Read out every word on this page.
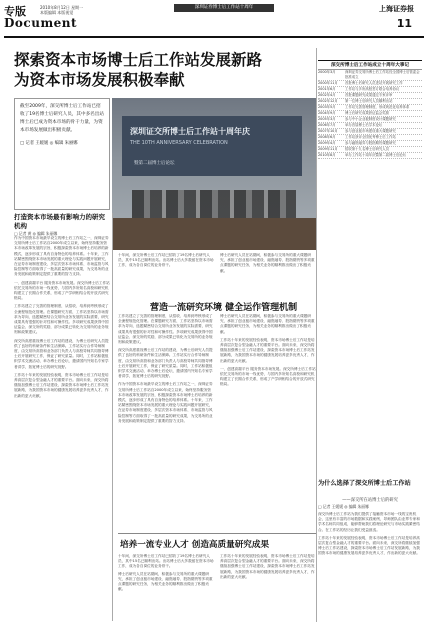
专版	2010年8月12日 星期一
本版编辑 本版视觉
深圳证券博士后工作站十周年	上海证券报
Document	11
探索资本市场博士后工作站发展新路
为资本市场发展积极奉献

截至2009年，深交所博士后工作站已招收了19名博士后研究人员，其中多名出站博士后已成为资本市场的骨干力量，为资本市场发展做出积极贡献。

□ 记者 王媛媛 ◎ 编辑 朱丽娜

深圳证交所博士后工作站十周年庆
THE 10TH ANNIVERSARY CELEBRATION
暨第二届博士后论坛
打造资本市场最有影响力的研究机构
□ 记者 黄 ◎ 编辑 朱丽娜

作为中国资本市场最早设立的博士后工作站之一，深圳证券交易所博士后工作站自2000年成立以来，始终坚持服务资本市场改革发展的宗旨，积极探索资本市场博士后培养的新模式，逐步形成了具有自身特色的培养体系。十年来，工作站紧密围绕资本市场发展的重大理论与实践问题开展研究，在证券市场制度建设、多层次资本市场体系、市场监管与风险控制等方面取得了一批高质量的研究成果，为交易所的业务发展和政策制定提供了重要的智力支持。

一、创建高端平台 服务资本市场发展。深交所博士后工作站依托交易所的市场一线优势，与国内多所知名高校和研究机构建立了长期合作关系，形成了产学研相结合的开放式研究格局。

工作站建立了完善的管理制度，从招收、培养到考核形成了全流程规范化管理。在课题研究方面，工作站坚持以市场需求为导向，选题紧密结合交易所业务发展的实际需要，研究成果具有很强的针对性和可操作性。多项研究成果获得中国证监会、深交所的奖励，部分成果已转化为交易所的业务规则和政策建议。

深交所高度重视博士后工作站的建设，为博士后研究人员提供了良好的科研条件和生活保障。工作站实行合作导师制度，由交易所高管和业务部门负责人与高校导师共同指导博士后开展研究工作，保证了研究质量。同时，工作站积极组织学术交流活动，举办博士后论坛，邀请国内外知名专家学者讲学，拓宽博士后的研究视野。

工作站十年来的发展经验表明，资本市场博士后工作站是培养高层次复合型金融人才的重要平台。面向未来，深交所将继续加强博士后工作站建设，探索资本市场博士后工作站发展新路，为我国资本市场的健康发展培养更多优秀人才，作出新的更大贡献。

十年间，深交所博士后工作站已招收了19名博士后研究人员，其中15名已顺利出站。出站博士后大多数留在资本市场工作，成为各自岗位的业务骨干。

博士后研究人员在站期间，积极参与交易所的重大课题研究，承担了创业板市场建设、融资融券、股指期货等多项重点课题的研究任务，为相关业务的顺利推出做出了积极贡献。

营造一流研究环境 健全运作管理机制

工作站建立了完善的管理制度，从招收、培养到考核形成了全流程规范化管理。在课题研究方面，工作站坚持以市场需求为导向，选题紧密结合交易所业务发展的实际需要，研究成果具有很强的针对性和可操作性。多项研究成果获得中国证监会、深交所的奖励，部分成果已转化为交易所的业务规则和政策建议。

深交所高度重视博士后工作站的建设，为博士后研究人员提供了良好的科研条件和生活保障。工作站实行合作导师制度，由交易所高管和业务部门负责人与高校导师共同指导博士后开展研究工作，保证了研究质量。同时，工作站积极组织学术交流活动，举办博士后论坛，邀请国内外知名专家学者讲学，拓宽博士后的研究视野。

作为中国资本市场最早设立的博士后工作站之一，深圳证券交易所博士后工作站自2000年成立以来，始终坚持服务资本市场改革发展的宗旨，积极探索资本市场博士后培养的新模式，逐步形成了具有自身特色的培养体系。十年来，工作站紧密围绕资本市场发展的重大理论与实践问题开展研究，在证券市场制度建设、多层次资本市场体系、市场监管与风险控制等方面取得了一批高质量的研究成果，为交易所的业务发展和政策制定提供了重要的智力支持。

博士后研究人员在站期间，积极参与交易所的重大课题研究，承担了创业板市场建设、融资融券、股指期货等多项重点课题的研究任务，为相关业务的顺利推出做出了积极贡献。

工作站十年来的发展经验表明，资本市场博士后工作站是培养高层次复合型金融人才的重要平台。面向未来，深交所将继续加强博士后工作站建设，探索资本市场博士后工作站发展新路，为我国资本市场的健康发展培养更多优秀人才，作出新的更大贡献。

一、创建高端平台 服务资本市场发展。深交所博士后工作站依托交易所的市场一线优势，与国内多所知名高校和研究机构建立了长期合作关系，形成了产学研相结合的开放式研究格局。

培养一流专业人才 创造高质量研究成果

十年间，深交所博士后工作站已招收了19名博士后研究人员，其中15名已顺利出站。出站博士后大多数留在资本市场工作，成为各自岗位的业务骨干。

博士后研究人员在站期间，积极参与交易所的重大课题研究，承担了创业板市场建设、融资融券、股指期货等多项重点课题的研究任务，为相关业务的顺利推出做出了积极贡献。

工作站十年来的发展经验表明，资本市场博士后工作站是培养高层次复合型金融人才的重要平台。面向未来，深交所将继续加强博士后工作站建设，探索资本市场博士后工作站发展新路，为我国资本市场的健康发展培养更多优秀人才，作出新的更大贡献。

深交所博士后工作站成立十周年大事记
2000年3月	深圳证券交易所博士后工作站经全国博士后管委会批准成立
2000年11月	首批博士后研究人员进站开展研究工作
2001年6月	工作站与多所高校签订联合培养协议
2002年4月	首批课题研究成果通过专家评审
2002年12月	第一位博士后研究人员顺利出站
2003年5月	工作站完善管理制度，形成规范化培养体系
2004年9月	博士后研究成果获证监会奖励
2005年3月	参与中小企业板制度设计课题研究
2006年7月	举办首届博士后学术论坛
2007年10月	参与创业板市场建设重大课题研究
2008年6月	工作站获评全国优秀博士后工作站
2009年4月	参与融资融券与股指期货课题研究
2009年11月	招收第十九名博士后研究人员
2010年8月	举办工作站十周年庆暨第二届博士后论坛
为什么选择了深交所博士后工作站
——深交所在站博士后的研究
□ 记者 王媛媛 ◎ 编辑 朱丽娜

深交所博士后工作站为我们提供了接触资本市场一线的宝贵机会，这里有丰富的市场数据和实践案例，导师团队由业界专家和学术名师共同组成，能够帮助我们将理论研究与市场实践紧密结合。在工作站的经历让我们受益匪浅。

工作站十年来的发展经验表明，资本市场博士后工作站是培养高层次复合型金融人才的重要平台。面向未来，深交所将继续加强博士后工作站建设，探索资本市场博士后工作站发展新路，为我国资本市场的健康发展培养更多优秀人才，作出新的更大贡献。
